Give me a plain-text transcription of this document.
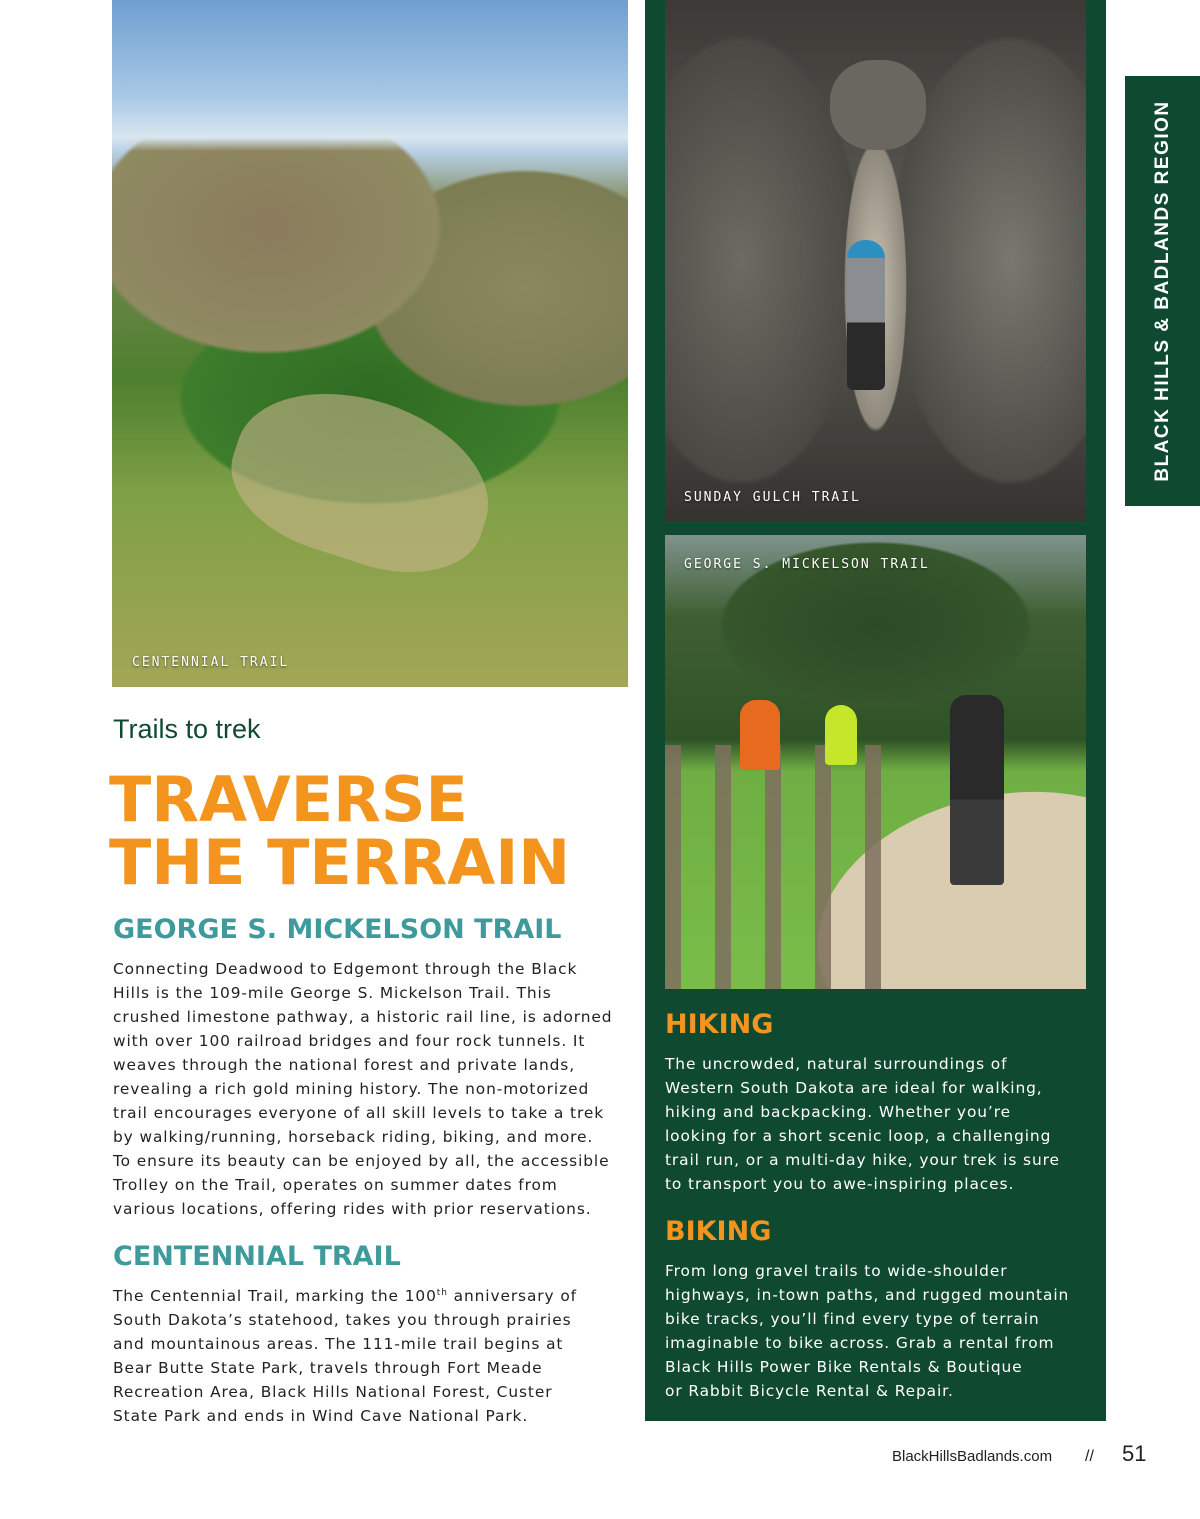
CENTENNIAL TRAIL
SUNDAY GULCH TRAIL
GEORGE S. MICKELSON TRAIL
Trails to trek
TRAVERSE
THE TERRAIN
GEORGE S. MICKELSON TRAIL

Connecting Deadwood to Edgemont through the Black
Hills is the 109-mile George S. Mickelson Trail. This
crushed limestone pathway, a historic rail line, is adorned
with over 100 railroad bridges and four rock tunnels. It
weaves through the national forest and private lands,
revealing a rich gold mining history. The non-motorized
trail encourages everyone of all skill levels to take a trek
by walking/running, horseback riding, biking, and more.
To ensure its beauty can be enjoyed by all, the accessible
Trolley on the Trail, operates on summer dates from
various locations, offering rides with prior reservations.

CENTENNIAL TRAIL

The Centennial Trail, marking the 100th anniversary of
South Dakota’s statehood, takes you through prairies
and mountainous areas. The 111-mile trail begins at
Bear Butte State Park, travels through Fort Meade
Recreation Area, Black Hills National Forest, Custer
State Park and ends in Wind Cave National Park.

HIKING

The uncrowded, natural surroundings of
Western South Dakota are ideal for walking,
hiking and backpacking. Whether you’re
looking for a short scenic loop, a challenging
trail run, or a multi-day hike, your trek is sure
to transport you to awe-inspiring places.

BIKING

From long gravel trails to wide-shoulder
highways, in-town paths, and rugged mountain
bike tracks, you’ll find every type of terrain
imaginable to bike across. Grab a rental from
Black Hills Power Bike Rentals & Boutique
or Rabbit Bicycle Rental & Repair.

BLACK HILLS & BADLANDS REGION
BlackHillsBadlands.com // 51
